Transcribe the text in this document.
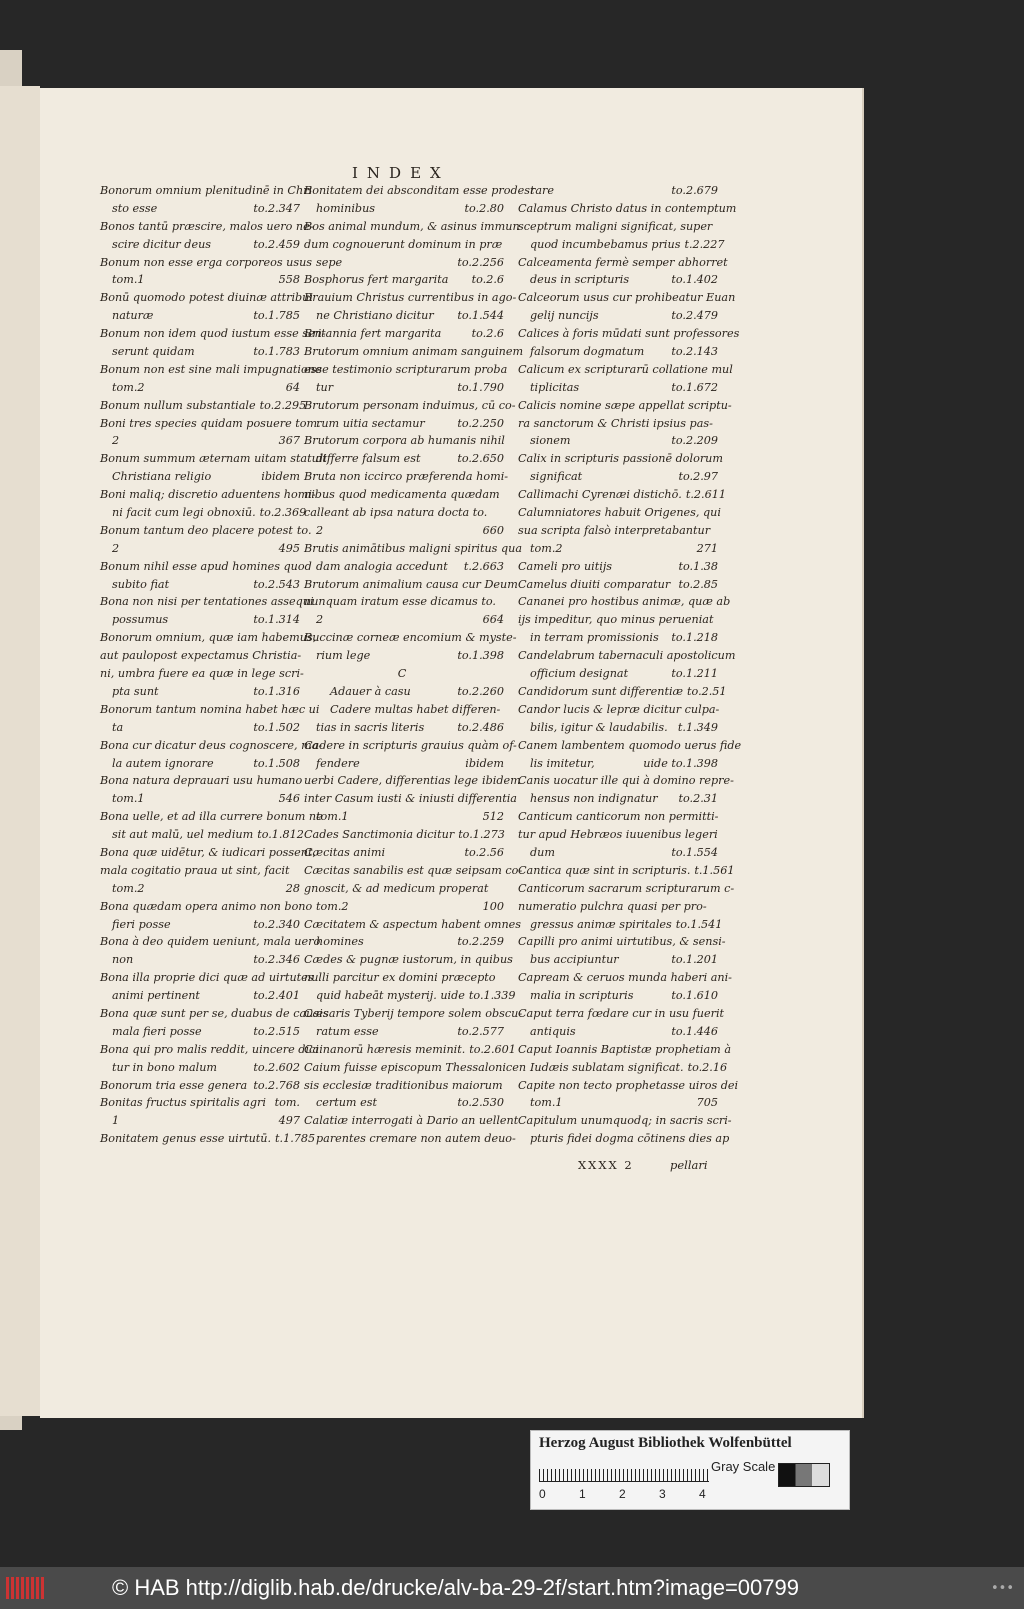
INDEX
Bonorum omnium plenitudinē in Chri
sto esse	to.2.347
Bonos tantū præscire, malos uero ne-
scire dicitur deus	to.2.459
Bonum non esse erga corporeos usus
tom.1	558
Bonū quomodo potest diuinæ attribui
naturæ	to.1.785
Bonum non idem quod iustum esse sen-
serunt quidam	to.1.783
Bonum non est sine mali impugnatione
tom.2	64
Bonum nullum substantiale to.2.295
Boni tres species quidam posuere tom.
2	367
Bonum summum æternam uitam statuit
Christiana religio	ibidem
Boni maliq; discretio aduentens homi-
ni facit cum legi obnoxiū. to.2.369
Bonum tantum deo placere potest to.
2	495
Bonum nihil esse apud homines quod
subito fiat	to.2.543
Bona non nisi per tentationes assequi
possumus	to.1.314
Bonorum omnium, quæ iam habemus,
aut paulopost expectamus Christia-
ni, umbra fuere ea quæ in lege scri-
pta sunt	to.1.316
Bonorum tantum nomina habet hæc ui
ta	to.1.502
Bona cur dicatur deus cognoscere, ma-
la autem ignorare	to.1.508
Bona natura deprauari usu humano
tom.1	546
Bona uelle, et ad illa currere bonum ne
sit aut malū, uel medium to.1.812
Bona quæ uidētur, & iudicari possent,
mala cogitatio praua ut sint, facit
tom.2	28
Bona quædam opera animo non bono
fieri posse	to.2.340
Bona à deo quidem ueniunt, mala uero
non	to.2.346
Bona illa proprie dici quæ ad uirtutes
animi pertinent	to.2.401
Bona quæ sunt per se, duabus de causis
mala fieri posse	to.2.515
Bona qui pro malis reddit, uincere dici
tur in bono malum	to.2.602
Bonorum tria esse genera to.2.768
Bonitas fructus spiritalis agri tom.
1	497
Bonitatem genus esse uirtutū. t.1.785
Bonitatem dei absconditam esse prodest
hominibus	to.2.80
Bos animal mundum, & asinus immun
dum cognouerunt dominum in præ
sepe	to.2.256
Bosphorus fert margarita	to.2.6
Brauium Christus currentibus in ago-
ne Christiano dicitur	to.1.544
Britannia fert margarita	to.2.6
Brutorum omnium animam sanguinem
esse testimonio scripturarum proba
tur	to.1.790
Brutorum personam induimus, cū co-
rum uitia sectamur	to.2.250
Brutorum corpora ab humanis nihil
differre falsum est	to.2.650
Bruta non iccirco præferenda homi-
nibus quod medicamenta quædam
calleant ab ipsa natura docta to.
2	660
Brutis animātibus maligni spiritus qua
dam analogia accedunt	t.2.663
Brutorum animalium causa cur Deum
nunquam iratum esse dicamus to.
2	664
Buccinæ corneæ encomium & myste-
rium lege	to.1.398
C
Adauer à casu	to.2.260
Cadere multas habet differen-
tias in sacris literis	to.2.486
Cadere in scripturis grauius quàm of-
fendere	ibidem
uerbi Cadere, differentias lege ibidem
inter Casum iusti & iniusti differentia
tom.1	512
Cades Sanctimonia dicitur to.1.273
Cæcitas animi	to.2.56
Cæcitas sanabilis est quæ seipsam co-
gnoscit, & ad medicum properat
tom.2	100
Cæcitatem & aspectum habent omnes
homines	to.2.259
Cædes & pugnæ iustorum, in quibus
nulli parcitur ex domini præcepto
quid habeāt mysterij. uide to.1.339
Cæsaris Tyberij tempore solem obscu-
ratum esse	to.2.577
Cainanorū hæresis meminit. to.2.601
Caium fuisse episcopum Thessalonicen
sis ecclesiæ traditionibus maiorum
certum est	to.2.530
Calatiæ interrogati à Dario an uellent
parentes cremare non autem deuo-
rare	to.2.679
Calamus Christo datus in contemptum
sceptrum maligni significat, super
quod incumbebamus prius t.2.227
Calceamenta fermè semper abhorret
deus in scripturis	to.1.402
Calceorum usus cur prohibeatur Euan
gelij nuncijs	to.2.479
Calices à foris mūdati sunt professores
falsorum dogmatum	to.2.143
Calicum ex scripturarū collatione mul
tiplicitas	to.1.672
Calicis nomine sæpe appellat scriptu-
ra sanctorum & Christi ipsius pas-
sionem	to.2.209
Calix in scripturis passionē dolorum
significat	to.2.97
Callimachi Cyrenæi distichō. t.2.611
Calumniatores habuit Origenes, qui
sua scripta falsò interpretabantur
tom.2	271
Cameli pro uitijs	to.1.38
Camelus diuiti comparatur to.2.85
Cananei pro hostibus animæ, quæ ab
ijs impeditur, quo minus perueniat
in terram promissionis	to.1.218
Candelabrum tabernaculi apostolicum
officium designat	to.1.211
Candidorum sunt differentiæ to.2.51
Candor lucis & lepræ dicitur culpa-
bilis, igitur & laudabilis. t.1.349
Canem lambentem quomodo uerus fide
lis imitetur,	uide to.1.398
Canis uocatur ille qui à domino repre-
hensus non indignatur	to.2.31
Canticum canticorum non permitti-
tur apud Hebræos iuuenibus legeri
dum	to.1.554
Cantica quæ sint in scripturis. t.1.561
Canticorum sacrarum scripturarum c-
numeratio pulchra quasi per pro-
gressus animæ spiritales to.1.541
Capilli pro animi uirtutibus, & sensi-
bus accipiuntur	to.1.201
Capream & ceruos munda haberi ani-
malia in scripturis	to.1.610
Caput terra fœdare cur in usu fuerit
antiquis	to.1.446
Caput Ioannis Baptistæ prophetiam à
Iudæis sublatam significat. to.2.16
Capite non tecto prophetasse uiros dei
tom.1	705
Capitulum unumquodq; in sacris scri-
pturis fidei dogma cōtinens dies ap
XXXX 2	pellari
Herzog August Bibliothek Wolfenbüttel
0	1	2	3	4
Gray Scale
© HAB http://diglib.hab.de/drucke/alv-ba-29-2f/start.htm?image=00799	•••
